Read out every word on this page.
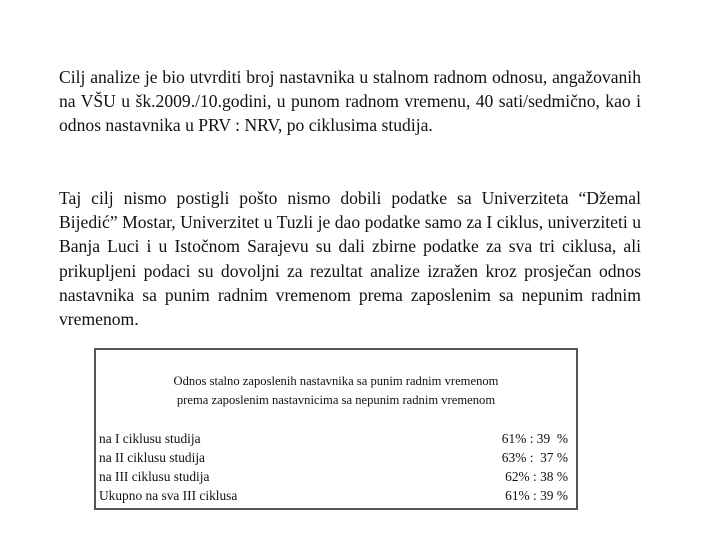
Cilj analize je bio utvrditi broj nastavnika u stalnom radnom odnosu, angažovanih na VŠU u šk.2009./10.godini, u punom radnom vremenu, 40 sati/sedmično, kao i odnos nastavnika u PRV : NRV, po ciklusima studija.

Taj cilj nismo postigli pošto nismo dobili podatke sa Univerziteta “Džemal Bijedić” Mostar, Univerzitet u Tuzli je dao podatke samo za I ciklus, univerziteti u Banja Luci i u Istočnom Sarajevu su dali zbirne podatke za sva tri ciklusa, ali prikupljeni podaci su dovoljni za rezultat analize izražen kroz prosječan odnos nastavnika sa punim radnim vremenom prema zaposlenim sa nepunim radnim vremenom.

Odnos stalno zaposlenih nastavnika sa punim radnim vremenom
prema zaposlenim nastavnicima sa nepunim radnim vremenom
na I ciklusu studija	61% : 39  %
na II ciklusu studija	63% :  37 %
na III ciklusu studija	62% : 38 %
Ukupno na sva III ciklusa	61% : 39 %
